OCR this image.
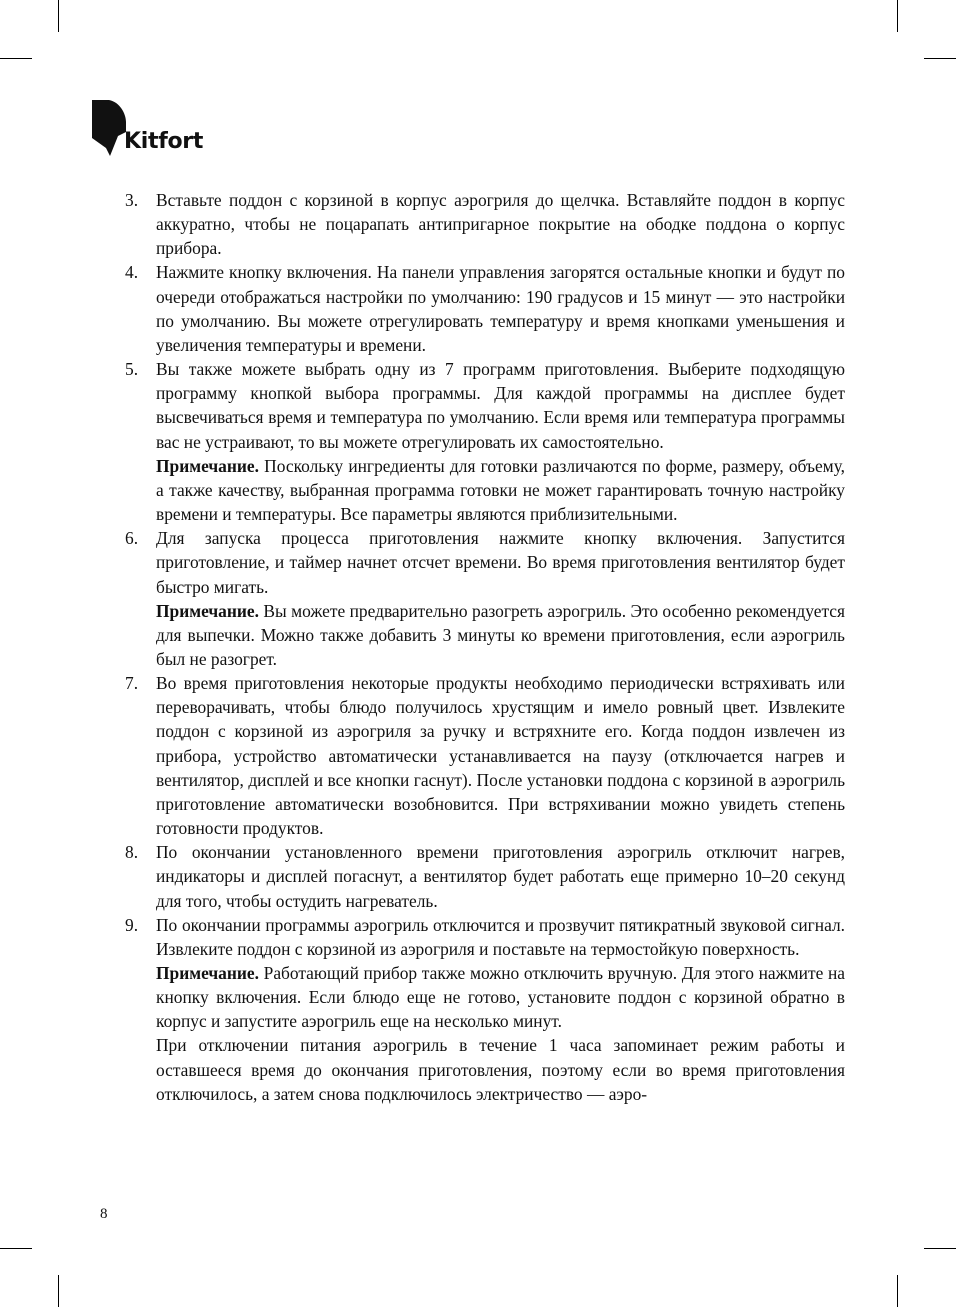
Kitfort
3. Вставьте поддон с корзиной в корпус аэрогриля до щелчка. Вставляйте поддон в корпус аккуратно, чтобы не поцарапать антипригарное покрытие на ободке поддона о корпус прибора.

4. Нажмите кнопку включения. На панели управления загорятся остальные кнопки и будут по очереди отображаться настройки по умолчанию: 190 градусов и 15 минут — это настройки по умолчанию. Вы можете отрегулировать температуру и время кнопками уменьшения и увеличения температуры и времени.

5. Вы также можете выбрать одну из 7 программ приготовления. Выберите подходящую программу кнопкой выбора программы. Для каждой программы на дисплее будет высвечиваться время и температура по умолчанию. Если время или температура программы вас не устраивают, то вы можете отрегулировать их самостоятельно.

Примечание. Поскольку ингредиенты для готовки различаются по форме, размеру, объему, а также качеству, выбранная программа готовки не может гарантировать точную настройку времени и температуры. Все параметры являются приблизительными.

6. Для запуска процесса приготовления нажмите кнопку включения. Запустится приготовление, и таймер начнет отсчет времени. Во время приготовления вентилятор будет быстро мигать.

Примечание. Вы можете предварительно разогреть аэрогриль. Это особенно рекомендуется для выпечки. Можно также добавить 3 минуты ко времени приготовления, если аэрогриль был не разогрет.

7. Во время приготовления некоторые продукты необходимо периодически встряхивать или переворачивать, чтобы блюдо получилось хрустящим и имело ровный цвет. Извлеките поддон с корзиной из аэрогриля за ручку и встряхните его. Когда поддон извлечен из прибора, устройство автоматически устанавливается на паузу (отключается нагрев и вентилятор, дисплей и все кнопки гаснут). После установки поддона с корзиной в аэрогриль приготовление автоматически возобновится. При встряхивании можно увидеть степень готовности продуктов.

8. По окончании установленного времени приготовления аэрогриль отключит нагрев, индикаторы и дисплей погаснут, а вентилятор будет работать еще примерно 10–20 секунд для того, чтобы остудить нагреватель.

9. По окончании программы аэрогриль отключится и прозвучит пятикратный звуковой сигнал. Извлеките поддон с корзиной из аэрогриля и поставьте на термостойкую поверхность.

Примечание. Работающий прибор также можно отключить вручную. Для этого нажмите на кнопку включения. Если блюдо еще не готово, установите поддон с корзиной обратно в корпус и запустите аэрогриль еще на несколько минут.

При отключении питания аэрогриль в течение 1 часа запоминает режим работы и оставшееся время до окончания приготовления, поэтому если во время приготовления отключилось, а затем снова подключилось электричество — аэро-

8
